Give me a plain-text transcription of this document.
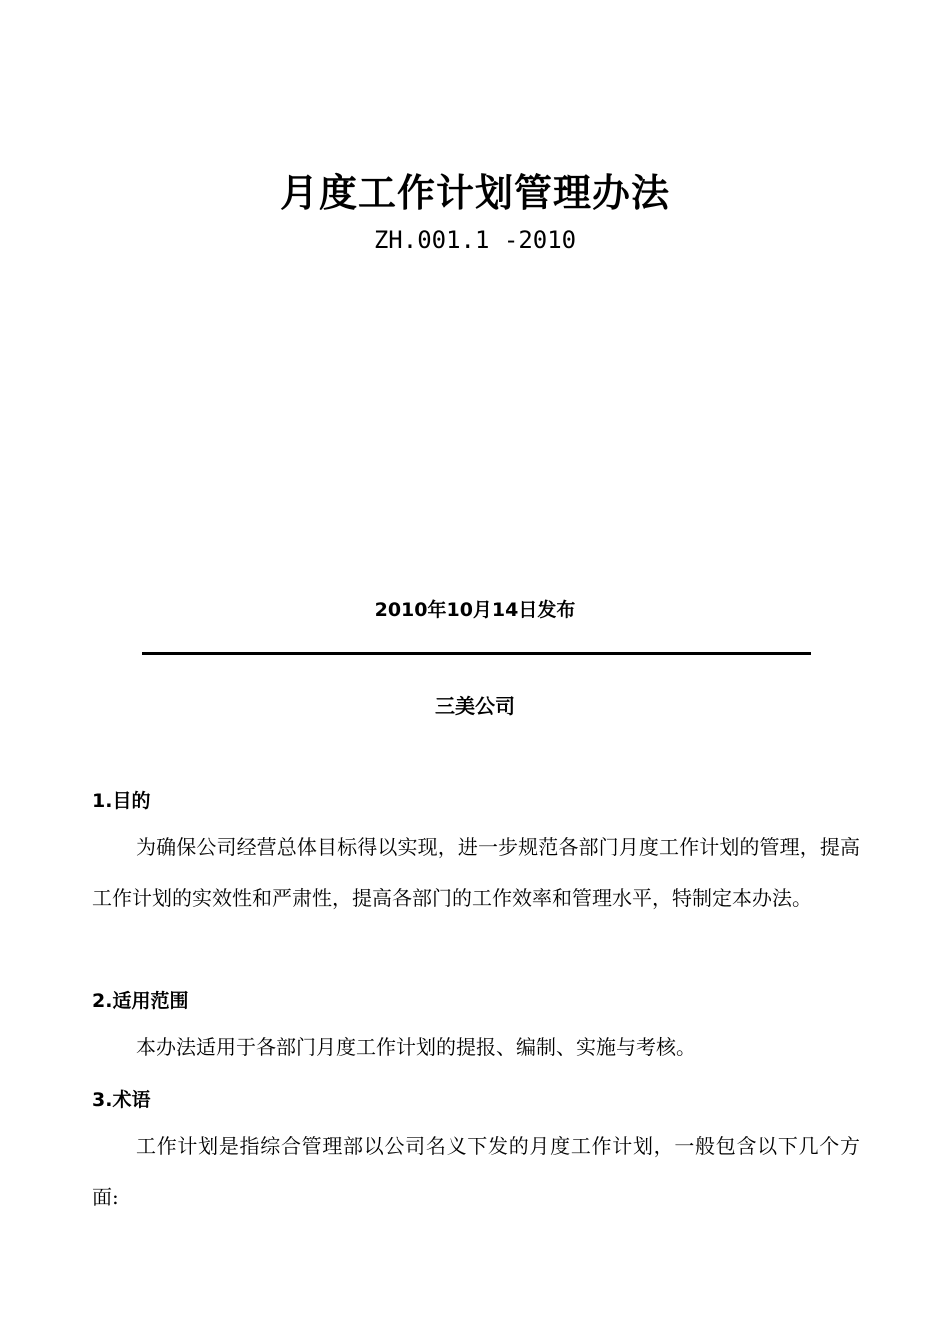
月度工作计划管理办法
ZH.001.1 -2010
2010年10月14日发布
三美公司
1.目的

为确保公司经营总体目标得以实现，进一步规范各部门月度工作计划的管理，提高工作计划的实效性和严肃性，提高各部门的工作效率和管理水平，特制定本办法。

2.适用范围

本办法适用于各部门月度工作计划的提报、编制、实施与考核。

3.术语

工作计划是指综合管理部以公司名义下发的月度工作计划，一般包含以下几个方面:
